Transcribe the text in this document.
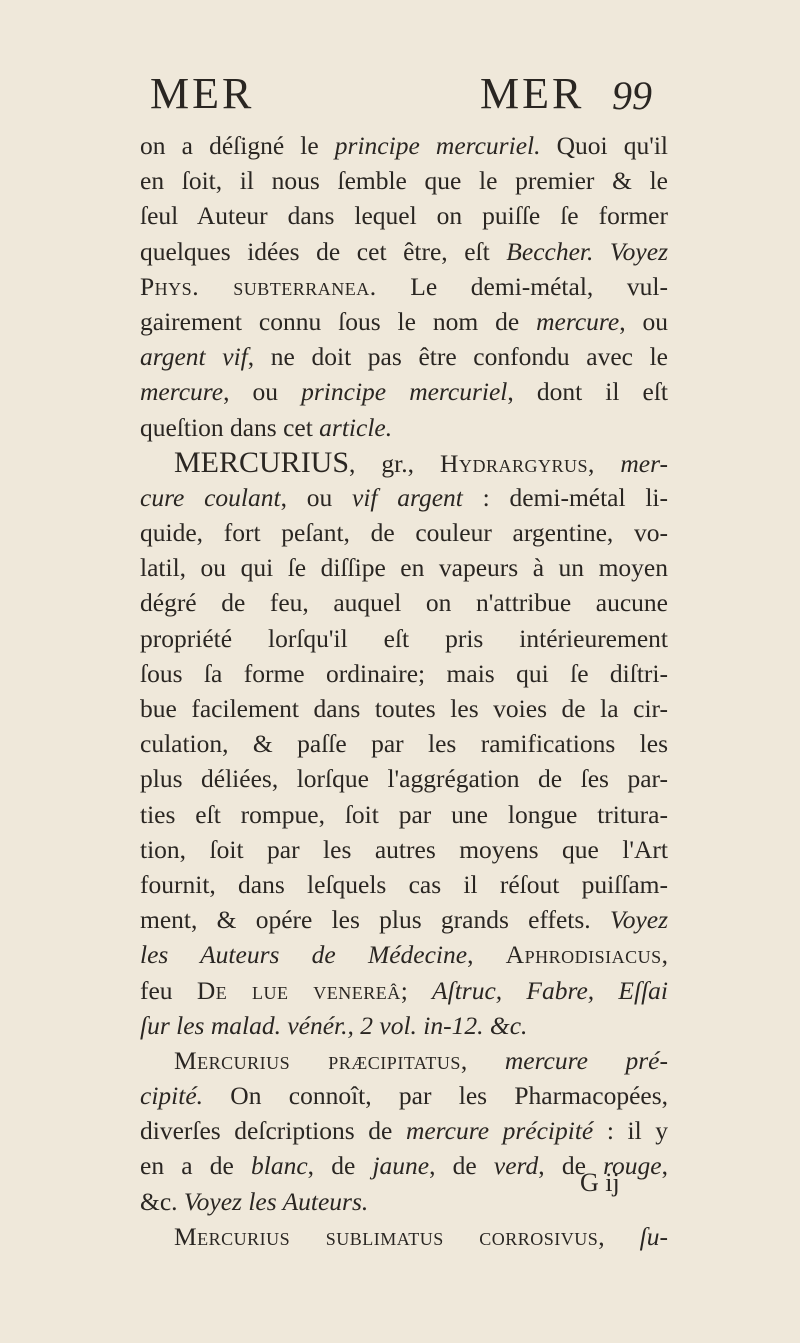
MER	MER 99
on a déſigné le principe mercuriel. Quoi qu'il
en ſoit, il nous ſemble que le premier & le
ſeul Auteur dans lequel on puiſſe ſe former
quelques idées de cet être, eſt Beccher. Voyez
Phys. subterranea. Le demi-métal, vul-
gairement connu ſous le nom de mercure, ou
argent vif, ne doit pas être confondu avec le
mercure, ou principe mercuriel, dont il eſt
queſtion dans cet article.
MERCURIUS, gr., Hydrargyrus, mer-
cure coulant, ou vif argent : demi-métal li-
quide, fort peſant, de couleur argentine, vo-
latil, ou qui ſe diſſipe en vapeurs à un moyen
dégré de feu, auquel on n'attribue aucune
propriété lorſqu'il eſt pris intérieurement
ſous ſa forme ordinaire; mais qui ſe diſtri-
bue facilement dans toutes les voies de la cir-
culation, & paſſe par les ramifications les
plus déliées, lorſque l'aggrégation de ſes par-
ties eſt rompue, ſoit par une longue tritura-
tion, ſoit par les autres moyens que l'Art
fournit, dans leſquels cas il réſout puiſſam-
ment, & opére les plus grands effets. Voyez
les Auteurs de Médecine, Aphrodisiacus,
feu De lue venereâ; Aſtruc, Fabre, Eſſai
ſur les malad. vénér., 2 vol. in-12. &c.
Mercurius præcipitatus, mercure pré-
cipité. On connoît, par les Pharmacopées,
diverſes deſcriptions de mercure précipité : il y
en a de blanc, de jaune, de verd, de rouge,
&c. Voyez les Auteurs.
Mercurius sublimatus corrosivus, ſu-
G ij
